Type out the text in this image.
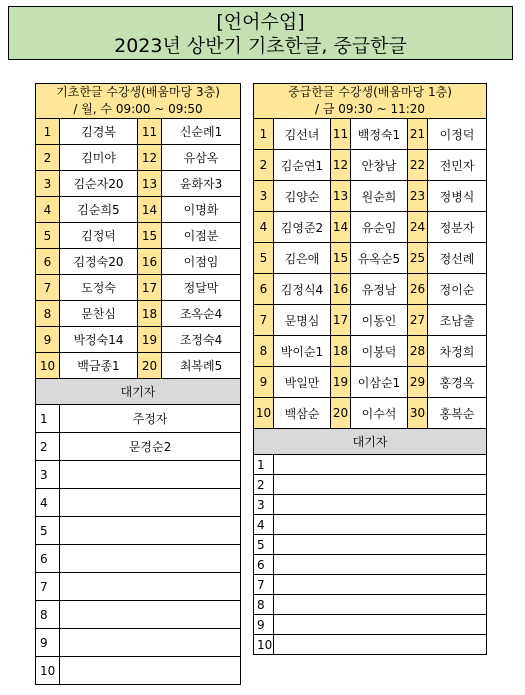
[언어수업]
2023년 상반기 기초한글, 중급한글
기초한글 수강생(배움마당 3층)
/ 월, 수 09:00 ~ 09:50			

1	김경복	11	신순례1
2	김미야	12	유삼옥
3	김순자20	13	윤화자3
4	김순희5	14	이명화
5	김정덕	15	이점분
6	김정숙20	16	이점임
7	도정숙	17	정달막
8	문찬심	18	조옥순4
9	박정숙14	19	조정숙4
10	백금종1	20	최복례5
대기자			
1	주정자		
2	문경순2		
3			
4			
5			
6			
7			
8			
9			
10			
중급한글 수강생(배움마당 1층)
/ 금 09:30 ~ 11:20					

1	김선녀	11	백정숙1	21	이정덕
2	김순연1	12	안창남	22	전민자
3	김양순	13	원순희	23	정병식
4	김영준2	14	유순임	24	정분자
5	김은애	15	유옥순5	25	정선례
6	김정식4	16	유정남	26	정이순
7	문명심	17	이동인	27	조남출
8	박이순1	18	이봉덕	28	차정희
9	박일만	19	이삼순1	29	홍경옥
10	백삼순	20	이수석	30	홍복순
대기자					
1					
2					
3					
4					
5					
6					
7					
8					
9					
10					
